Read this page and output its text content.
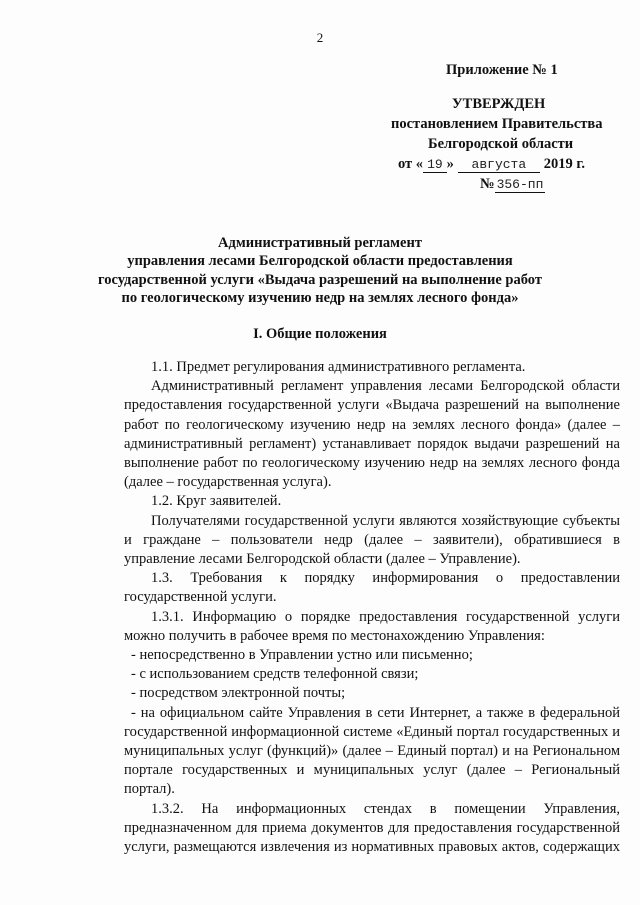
2
Приложение № 1
УТВЕРЖДЕН
постановлением Правительства
Белгородской области
от « 19 » августа 2019 г.
№ 356-пп
Административный регламент
управления лесами Белгородской области предоставления
государственной услуги «Выдача разрешений на выполнение работ
по геологическому изучению недр на землях лесного фонда»
I. Общие положения

1.1. Предмет регулирования административного регламента.

Административный регламент управления лесами Белгородской области предоставления государственной услуги «Выдача разрешений на выполнение работ по геологическому изучению недр на землях лесного фонда» (далее – административный регламент) устанавливает порядок выдачи разрешений на выполнение работ по геологическому изучению недр на землях лесного фонда (далее – государственная услуга).

1.2. Круг заявителей.

Получателями государственной услуги являются хозяйствующие субъекты и граждане – пользователи недр (далее – заявители), обратившиеся в управление лесами Белгородской области (далее – Управление).

1.3. Требования к порядку информирования о предоставлении государственной услуги.

1.3.1. Информацию о порядке предоставления государственной услуги можно получить в рабочее время по местонахождению Управления:

- непосредственно в Управлении устно или письменно;

- с использованием средств телефонной связи;

- посредством электронной почты;

- на официальном сайте Управления в сети Интернет, а также в федеральной государственной информационной системе «Единый портал государственных и муниципальных услуг (функций)» (далее – Единый портал) и на Региональном портале государственных и муниципальных услуг (далее – Региональный портал).

1.3.2. На информационных стендах в помещении Управления, предназначенном для приема документов для предоставления государственной услуги, размещаются извлечения из нормативных правовых актов, содержащих
